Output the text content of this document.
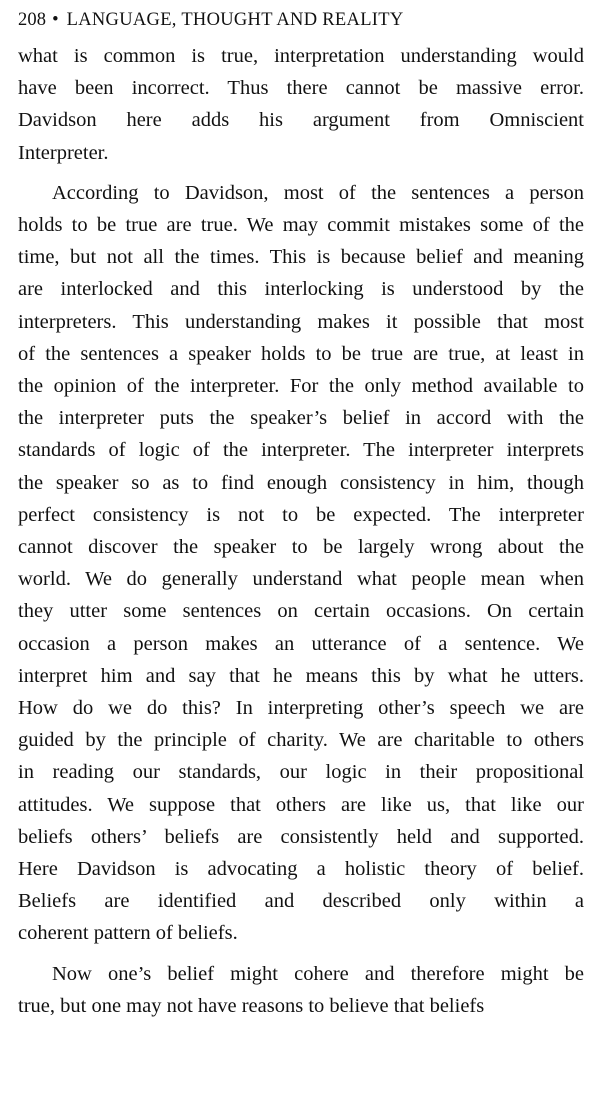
208 • LANGUAGE, THOUGHT AND REALITY
what is common is true, interpretation understanding would
have been incorrect. Thus there cannot be massive error.
Davidson here adds his argument from Omniscient
Interpreter.
According to Davidson, most of the sentences a person
holds to be true are true. We may commit mistakes some of the
time, but not all the times. This is because belief and meaning
are interlocked and this interlocking is understood by the
interpreters. This understanding makes it possible that most
of the sentences a speaker holds to be true are true, at least in
the opinion of the interpreter. For the only method available to
the interpreter puts the speaker’s belief in accord with the
standards of logic of the interpreter. The interpreter interprets
the speaker so as to find enough consistency in him, though
perfect consistency is not to be expected. The interpreter
cannot discover the speaker to be largely wrong about the
world. We do generally understand what people mean when
they utter some sentences on certain occasions. On certain
occasion a person makes an utterance of a sentence. We
interpret him and say that he means this by what he utters.
How do we do this? In interpreting other’s speech we are
guided by the principle of charity. We are charitable to others
in reading our standards, our logic in their propositional
attitudes. We suppose that others are like us, that like our
beliefs others’ beliefs are consistently held and supported.
Here Davidson is advocating a holistic theory of belief.
Beliefs are identified and described only within a
coherent pattern of beliefs.
Now one’s belief might cohere and therefore might be
true, but one may not have reasons to believe that beliefs
